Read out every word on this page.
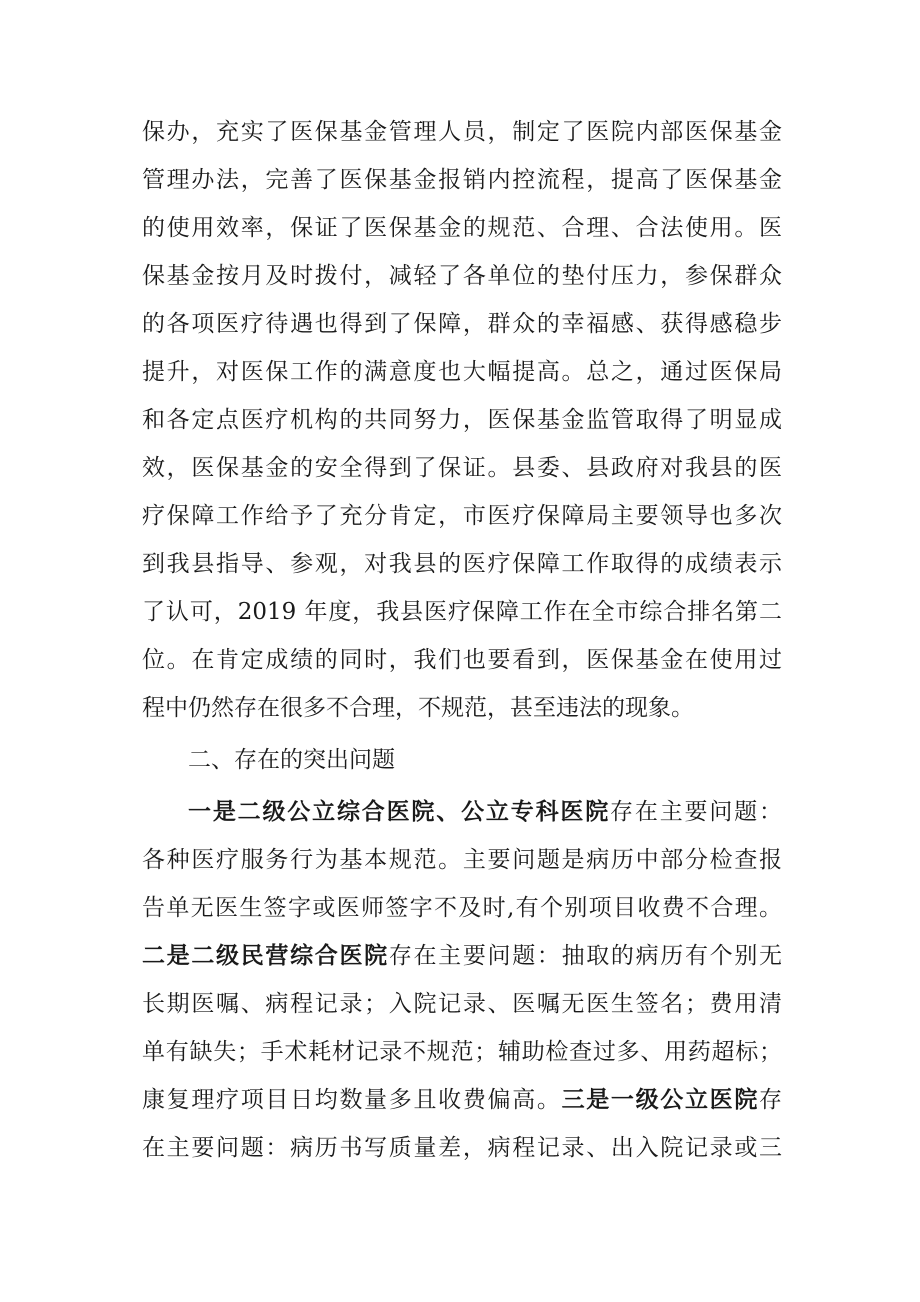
保办，充实了医保基金管理人员，制定了医院内部医保基金
管理办法，完善了医保基金报销内控流程，提高了医保基金
的使用效率，保证了医保基金的规范、合理、合法使用。医
保基金按月及时拨付，减轻了各单位的垫付压力，参保群众
的各项医疗待遇也得到了保障，群众的幸福感、获得感稳步
提升，对医保工作的满意度也大幅提高。总之，通过医保局
和各定点医疗机构的共同努力，医保基金监管取得了明显成
效，医保基金的安全得到了保证。县委、县政府对我县的医
疗保障工作给予了充分肯定，市医疗保障局主要领导也多次
到我县指导、参观，对我县的医疗保障工作取得的成绩表示
了认可，2019 年度，我县医疗保障工作在全市综合排名第二
位。在肯定成绩的同时，我们也要看到，医保基金在使用过
程中仍然存在很多不合理，不规范，甚至违法的现象。
二、存在的突出问题
一是二级公立综合医院、公立专科医院存在主要问题：
各种医疗服务行为基本规范。主要问题是病历中部分检查报
告单无医生签字或医师签字不及时,有个别项目收费不合理。
二是二级民营综合医院存在主要问题：抽取的病历有个别无
长期医嘱、病程记录；入院记录、医嘱无医生签名；费用清
单有缺失；手术耗材记录不规范；辅助检查过多、用药超标；
康复理疗项目日均数量多且收费偏高。三是一级公立医院存
在主要问题：病历书写质量差，病程记录、出入院记录或三
